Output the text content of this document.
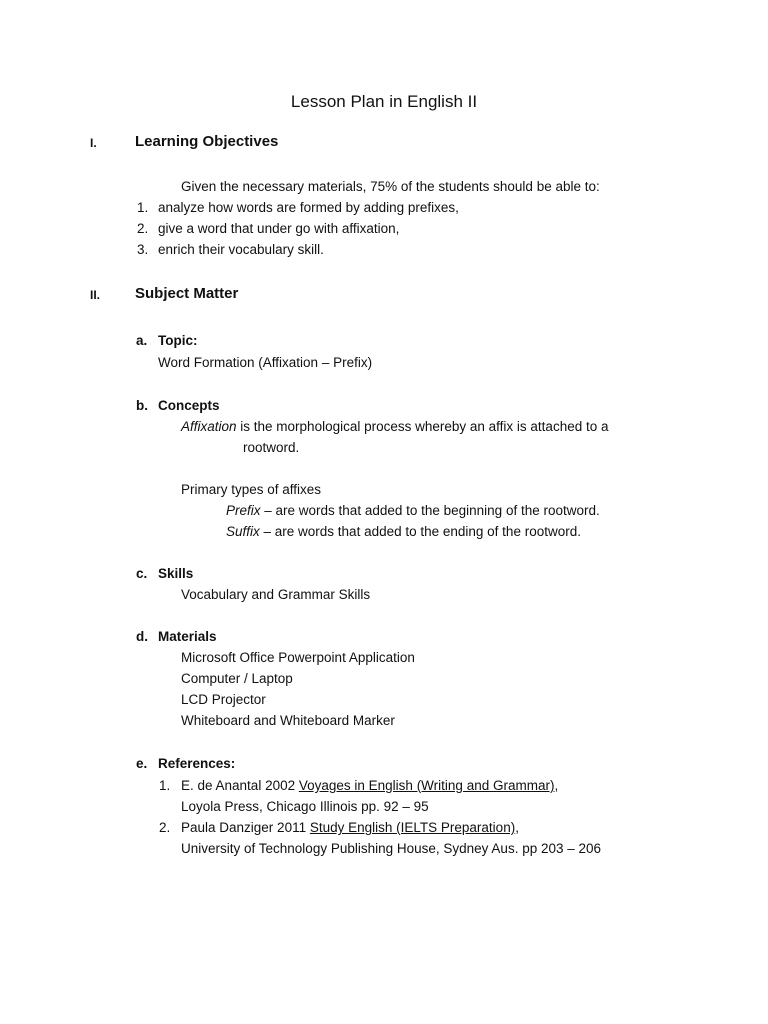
Lesson Plan in English II
I.	Learning Objectives
Given the necessary materials, 75% of the students should be able to:
1. analyze how words are formed by adding prefixes,
2. give a word that under go with affixation,
3. enrich their vocabulary skill.
II. Subject Matter
a. Topic:
Word Formation (Affixation – Prefix)
b. Concepts
Affixation is the morphological process whereby an affix is attached to a
rootword.
Primary types of affixes
Prefix – are words that added to the beginning of the rootword.
Suffix – are words that added to the ending of the rootword.
c. Skills
Vocabulary and Grammar Skills
d. Materials
Microsoft Office Powerpoint Application
Computer / Laptop
LCD Projector
Whiteboard and Whiteboard Marker
e. References:
1. E. de Anantal 2002 Voyages in English (Writing and Grammar),
Loyola Press, Chicago Illinois pp. 92 – 95
2. Paula Danziger 2011 Study English (IELTS Preparation),
University of Technology Publishing House, Sydney Aus. pp 203 – 206
